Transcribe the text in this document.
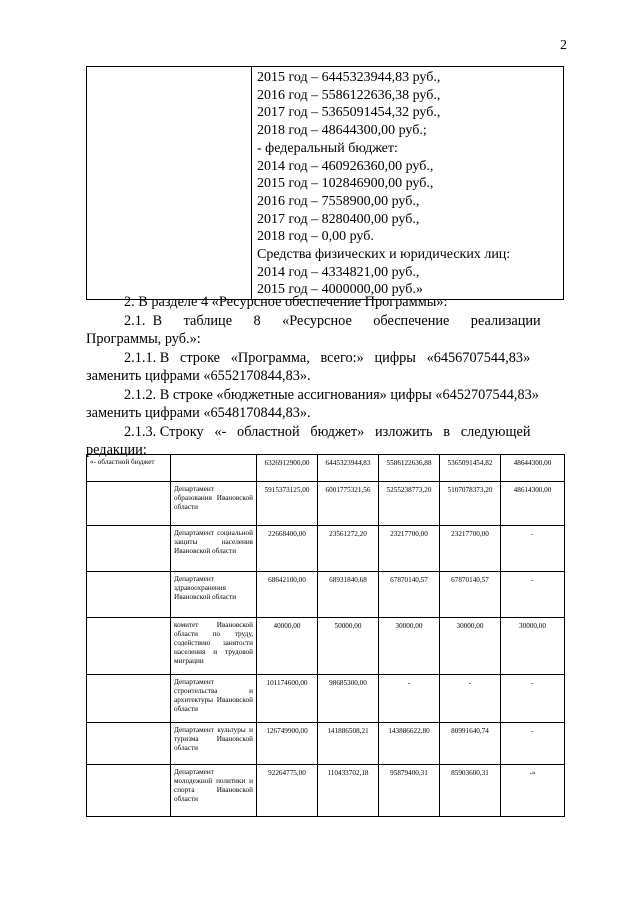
2

2015 год – 6445323944,83 руб.,
2016 год – 5586122636,38 руб.,
2017 год – 5365091454,32 руб.,
2018 год – 48644300,00 руб.;
- федеральный бюджет:
2014 год – 460926360,00 руб.,
2015 год – 102846900,00 руб.,
2016 год – 7558900,00 руб.,
2017 год – 8280400,00 руб.,
2018 год – 0,00 руб.
Средства физических и юридических лиц:
2014 год – 4334821,00 руб.,
2015 год – 4000000,00 руб.»
2. В разделе 4 «Ресурсное обеспечение Программы»:
2.1.  В      таблице      8      «Ресурсное      обеспечение      реализации
Программы, руб.»:
2.1.1. В   строке   «Программа,   всего:»   цифры   «6456707544,83»
заменить цифрами «6552170844,83».
2.1.2. В строке «бюджетные ассигнования» цифры «6452707544,83»
заменить цифрами «6548170844,83».
2.1.3. Строку   «-   областной   бюджет»   изложить   в   следующей
редакции:
«- областной бюджет		6326912900,00	6445323944,83	5586122636,88	5365091454,82	48644300,00
	Департамент образования Ивановской области	5915373125,00	6001775321,56	5255238773,20	5107078373,20	48614300,00
	Департамент социальной защиты населения Ивановской области	22668400,00	23561272,20	23217700,00	23217700,00	-
	Департамент здравоохранения Ивановской области	68642100,00	68931840,68	67870140,57	67870140,57	-
	комитет Ивановской области по труду, содействию занятости населения и трудовой миграции	40000,00	50000,00	30000,00	30000,00	30000,00
	Департамент строительства и архитектуры Ивановской области	101174600,00	98685300,00	-	-	-
	Департамент культуры и туризма Ивановской области	126749900,00	141886508,21	143886622,80	80991640,74	-
	Департамент молодежной политики и спорта Ивановской области	92264775,00	110433702,18	95879400,31	85903600,31	-»
